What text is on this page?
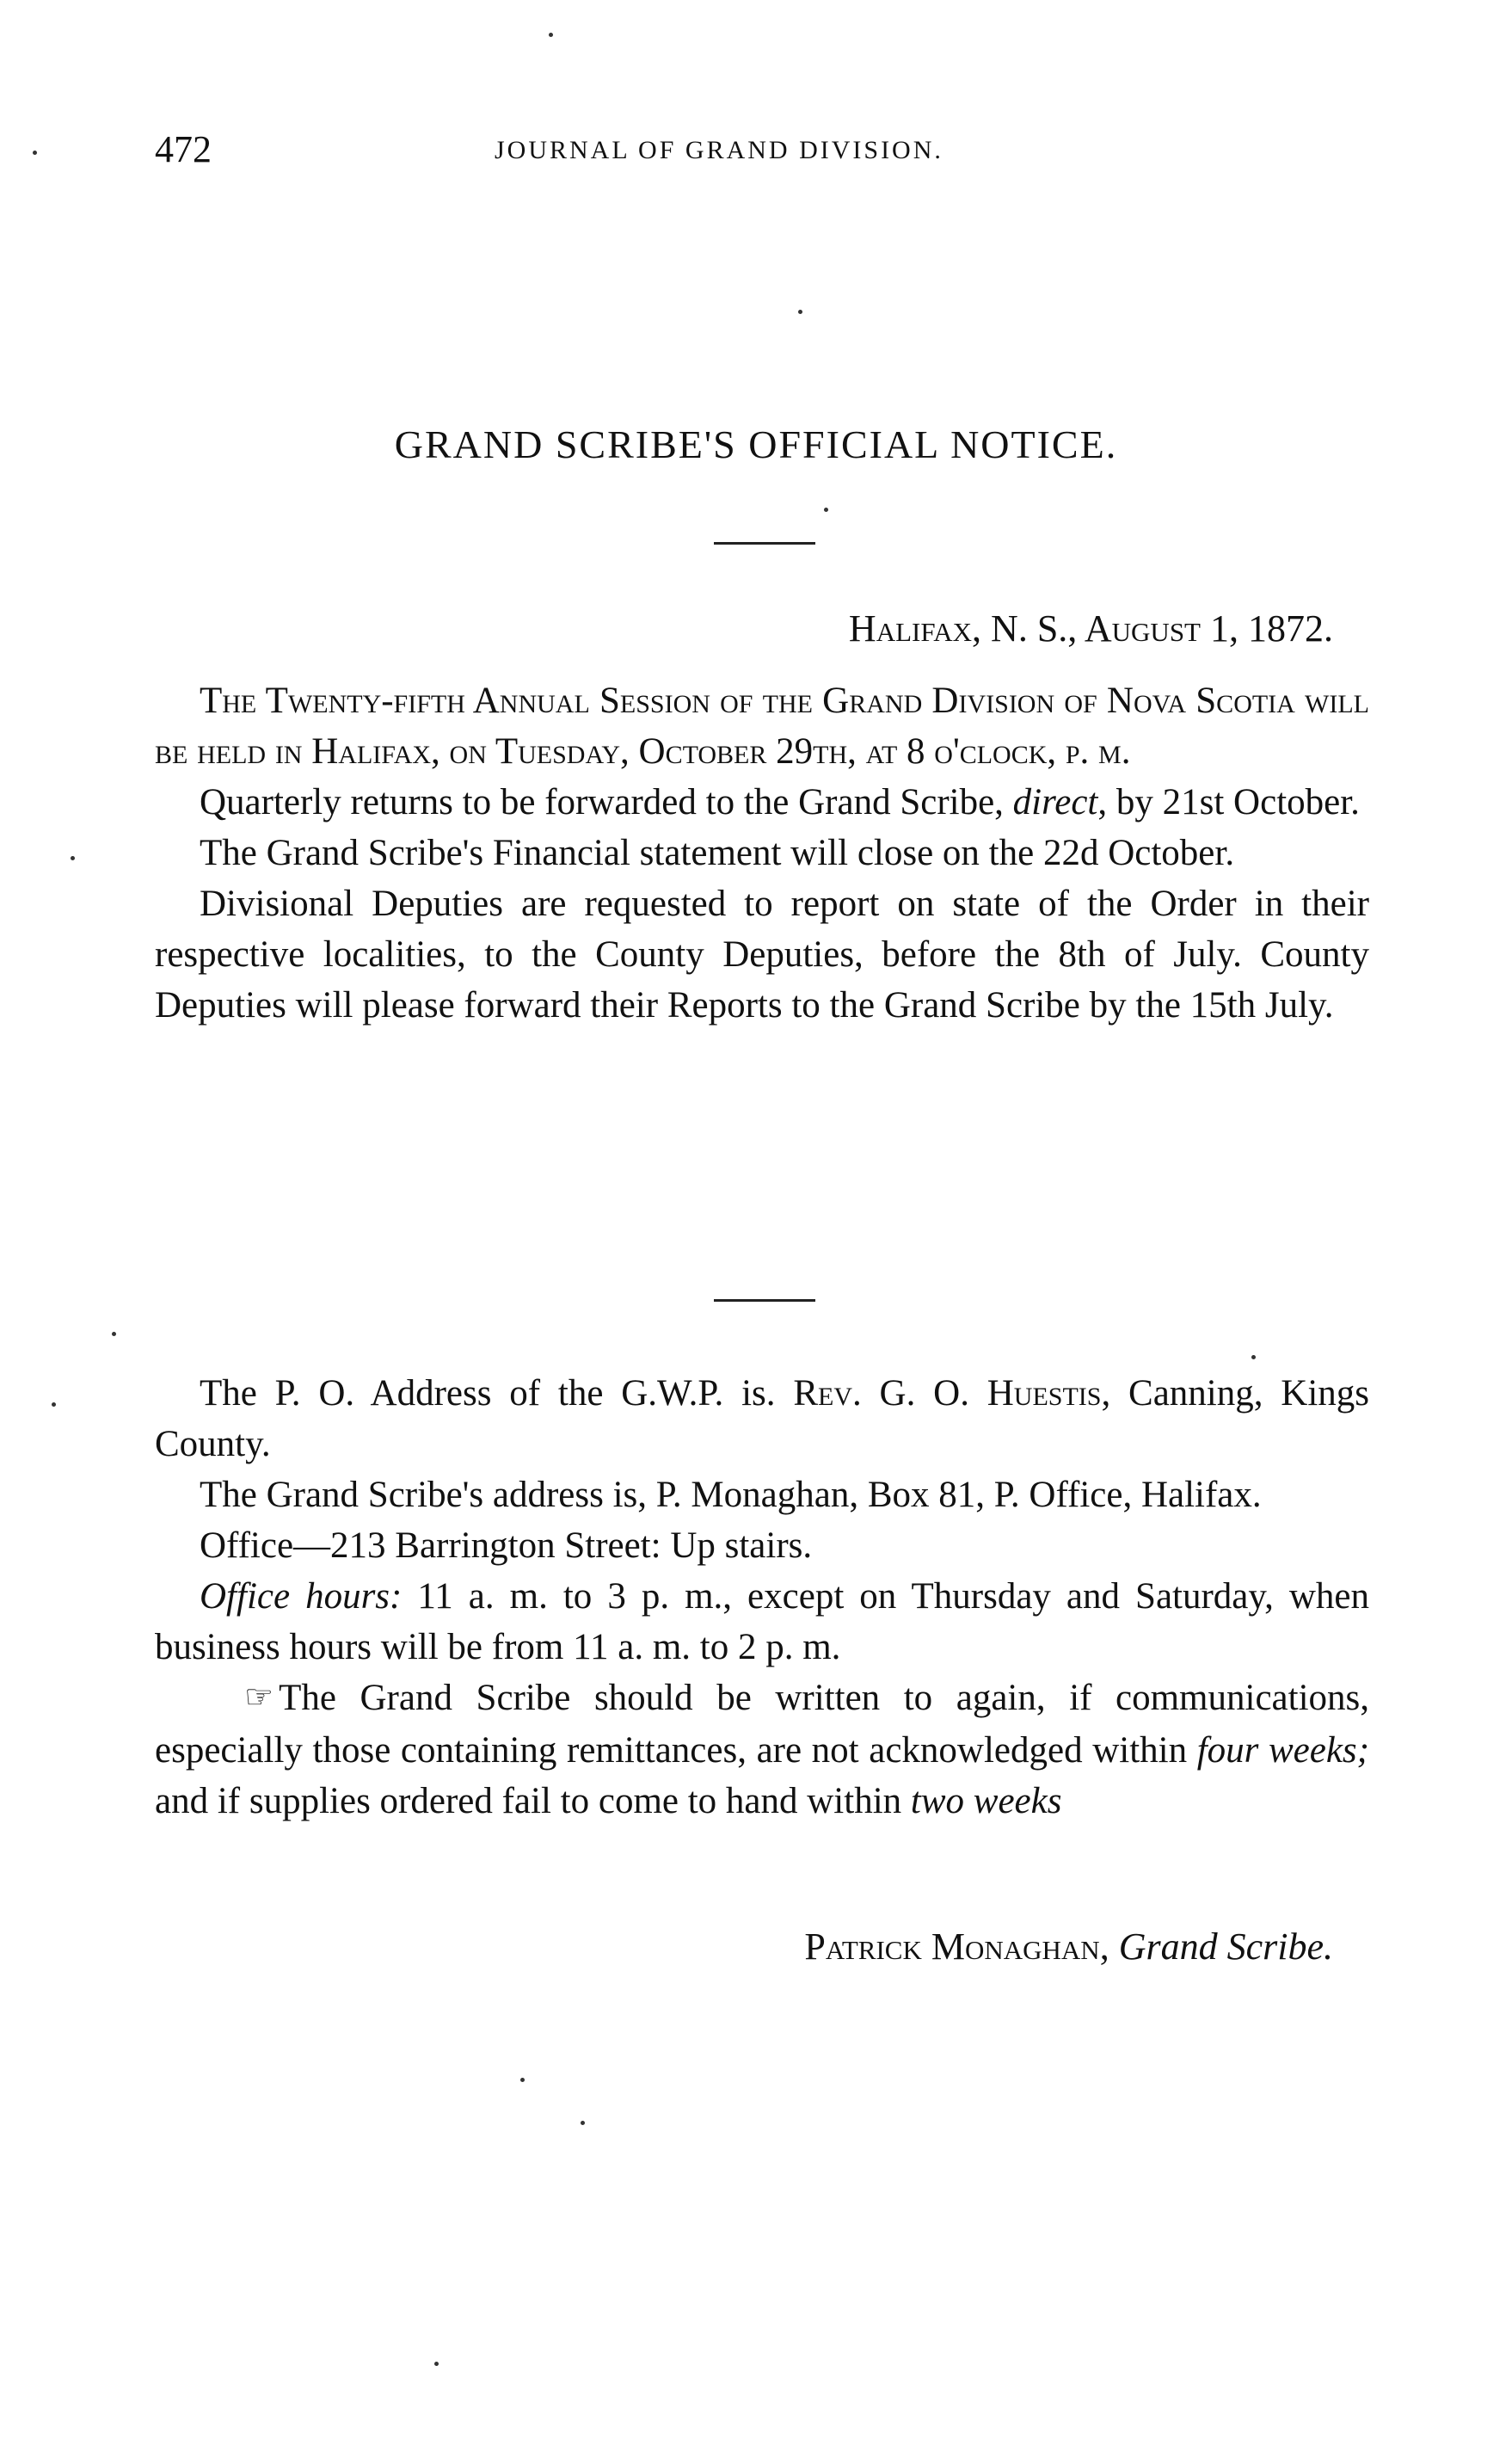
472	JOURNAL OF GRAND DIVISION.
GRAND SCRIBE'S OFFICIAL NOTICE.
Halifax, N. S., August 1, 1872.

The Twenty-fifth Annual Session of the Grand Division of Nova Scotia will be held in Halifax, on Tuesday, October 29th, at 8 o'clock, p. m.

Quarterly returns to be forwarded to the Grand Scribe, direct, by 21st October.

The Grand Scribe's Financial statement will close on the 22d October.

Divisional Deputies are requested to report on state of the Order in their respective localities, to the County Deputies, before the 8th of July. County Deputies will please forward their Reports to the Grand Scribe by the 15th July.

The P. O. Address of the G.W.P. is. Rev. G. O. Huestis, Canning, Kings County.

The Grand Scribe's address is, P. Monaghan, Box 81, P. Office, Halifax.

Office—213 Barrington Street: Up stairs.

Office hours: 11 a. m. to 3 p. m., except on Thursday and Saturday, when business hours will be from 11 a. m. to 2 p. m.

☞ The Grand Scribe should be written to again, if communications, especially those containing remittances, are not acknowledged within four weeks; and if supplies ordered fail to come to hand within two weeks

Patrick Monaghan, Grand Scribe.
